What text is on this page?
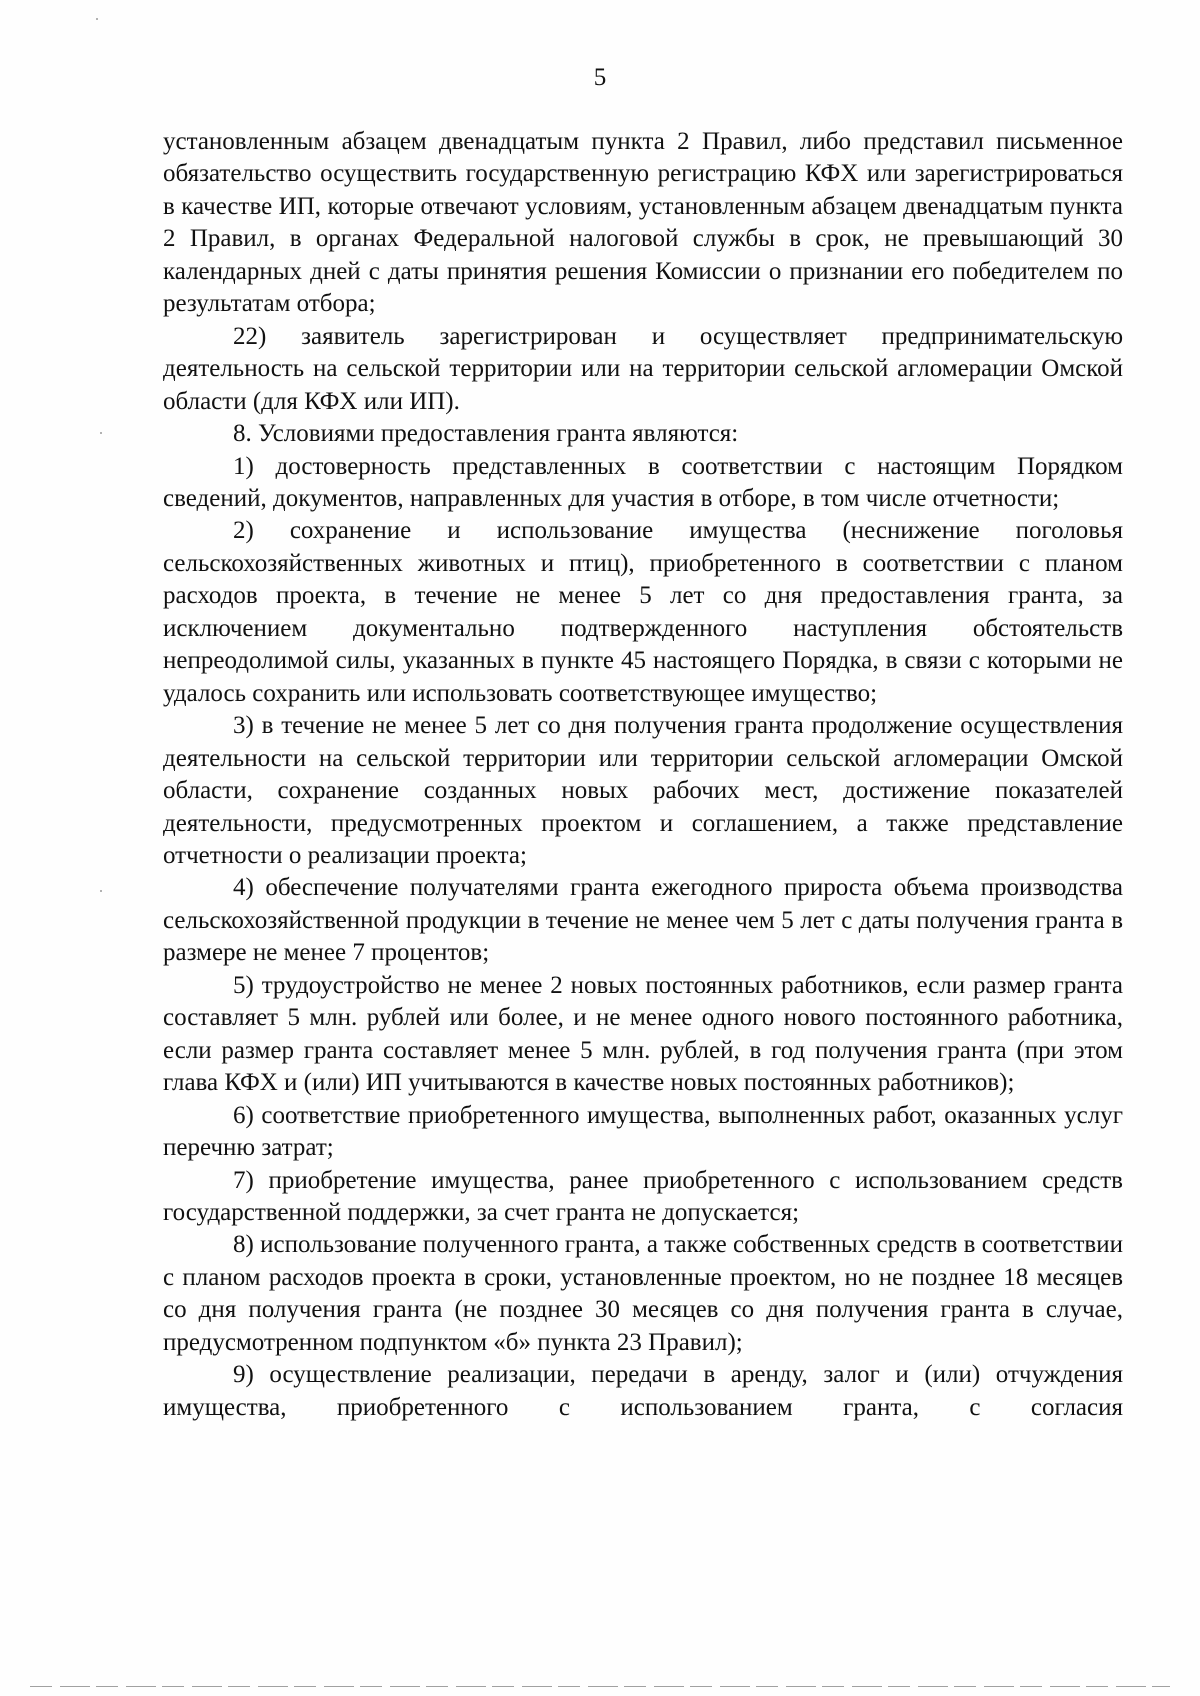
5

установленным абзацем двенадцатым пункта 2 Правил, либо представил письменное обязательство осуществить государственную регистрацию КФХ или зарегистрироваться в качестве ИП, которые отвечают условиям, установленным абзацем двенадцатым пункта 2 Правил, в органах Федеральной налоговой службы в срок, не превышающий 30 календарных дней с даты принятия решения Комиссии о признании его победителем по результатам отбора;

22) заявитель зарегистрирован и осуществляет предпринимательскую деятельность на сельской территории или на территории сельской агломерации Омской области (для КФХ или ИП).

8. Условиями предоставления гранта являются:

1) достоверность представленных в соответствии с настоящим Порядком сведений, документов, направленных для участия в отборе, в том числе отчетности;

2) сохранение и использование имущества (неснижение поголовья сельскохозяйственных животных и птиц), приобретенного в соответствии с планом расходов проекта, в течение не менее 5 лет со дня предоставления гранта, за исключением документально подтвержденного наступления обстоятельств непреодолимой силы, указанных в пункте 45 настоящего Порядка, в связи с которыми не удалось сохранить или использовать соответствующее имущество;

3) в течение не менее 5 лет со дня получения гранта продолжение осуществления деятельности на сельской территории или территории сельской агломерации Омской области, сохранение созданных новых рабочих мест, достижение показателей деятельности, предусмотренных проектом и соглашением, а также представление отчетности о реализации проекта;

4) обеспечение получателями гранта ежегодного прироста объема производства сельскохозяйственной продукции в течение не менее чем 5 лет с даты получения гранта в размере не менее 7 процентов;

5) трудоустройство не менее 2 новых постоянных работников, если размер гранта составляет 5 млн. рублей или более, и не менее одного нового постоянного работника, если размер гранта составляет менее 5 млн. рублей, в год получения гранта (при этом глава КФХ и (или) ИП учитываются в качестве новых постоянных работников);

6) соответствие приобретенного имущества, выполненных работ, оказанных услуг перечню затрат;

7) приобретение имущества, ранее приобретенного с использованием средств государственной поддержки, за счет гранта не допускается;

8) использование полученного гранта, а также собственных средств в соответствии с планом расходов проекта в сроки, установленные проектом, но не позднее 18 месяцев со дня получения гранта (не позднее 30 месяцев со дня получения гранта в случае, предусмотренном подпунктом «б» пункта 23 Правил);

9) осуществление реализации, передачи в аренду, залог и (или) отчуждения имущества, приобретенного с использованием гранта, с согласия
